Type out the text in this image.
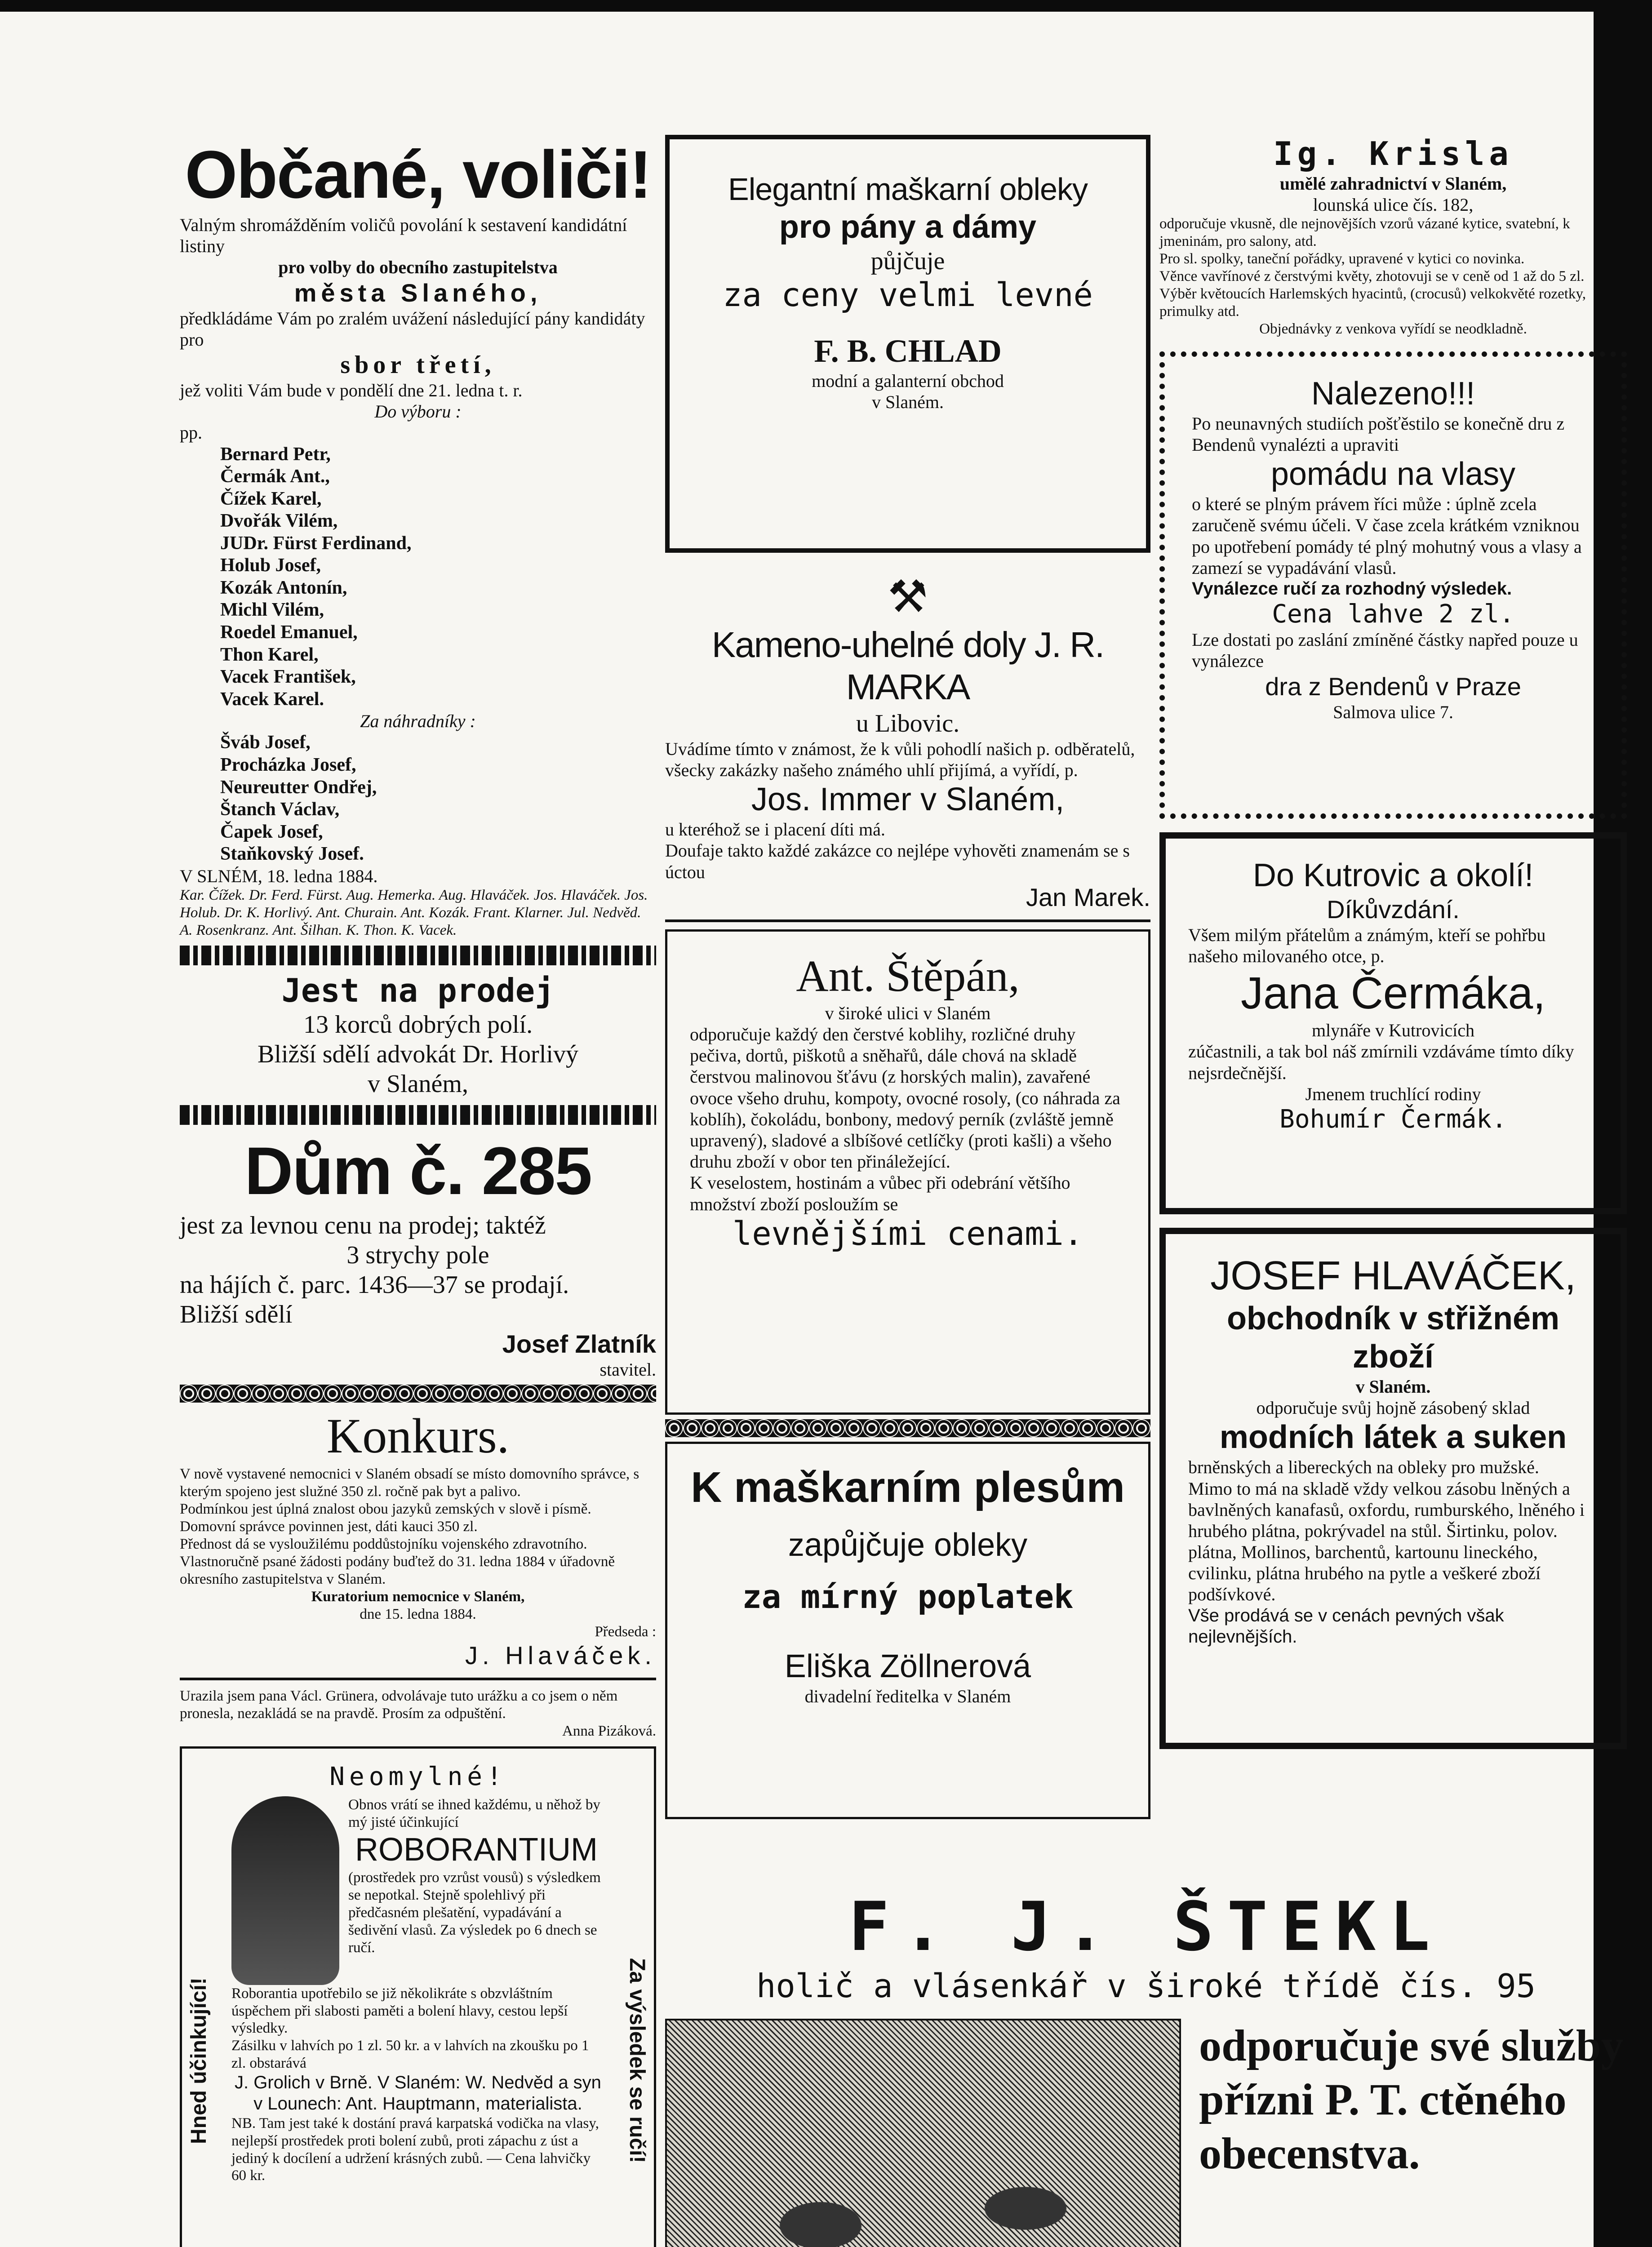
Občané, voliči!
Valným shromážděním voličů povolání k sestavení kandidátní listiny
pro volby do obecního zastupitelstva
města Slaného,
předkládáme Vám po zralém uvážení následující pány kandidáty pro
sbor třetí,
jež voliti Vám bude v pondělí dne 21. ledna t. r.
Do výboru :
pp.
Bernard Petr,
Čermák Ant.,
Čížek Karel,
Dvořák Vilém,
JUDr. Fürst Ferdinand,
Holub Josef,
Kozák Antonín,
Michl Vilém,
Roedel Emanuel,
Thon Karel,
Vacek František,
Vacek Karel.
Za náhradníky :
Šváb Josef,
Procházka Josef,
Neureutter Ondřej,
Štanch Václav,
Čapek Josef,
Staňkovský Josef.
V SLNÉM, 18. ledna 1884.
Kar. Čížek. Dr. Ferd. Fürst. Aug. Hemerka. Aug. Hlaváček. Jos. Hlaváček. Jos. Holub. Dr. K. Horlivý. Ant. Churain. Ant. Kozák. Frant. Klarner. Jul. Nedvěd. A. Rosenkranz. Ant. Šilhan. K. Thon. K. Vacek.
Jest na prodej
13 korců dobrých polí.
Bližší sdělí advokát Dr. Horlivý
v Slaném,
Dům č. 285
jest za levnou cenu na prodej; taktéž
3 strychy pole
na hájích č. parc. 1436—37 se prodají.
Bližší sdělí
Josef Zlatník
stavitel.
Konkurs.
V nově vystavené nemocnici v Slaném obsadí se místo domovního správce, s kterým spojeno jest služné 350 zl. ročně pak byt a palivo.
Podmínkou jest úplná znalost obou jazyků zemských v slově i písmě.
Domovní správce povinnen jest, dáti kauci 350 zl.
Přednost dá se vysloužilému poddůstojníku vojenského zdravotního.
Vlastnoručně psané žádosti podány buďtež do 31. ledna 1884 v úřadovně okresního zastupitelstva v Slaném.
Kuratorium nemocnice v Slaném,
dne 15. ledna 1884.
Předseda :
J. Hlaváček.
Urazila jsem pana Václ. Grünera, odvolávaje tuto urážku a co jsem o něm pronesla, nezakládá se na pravdě. Prosím za odpuštění.
Anna Pizáková.
Hned účinkující!	Za výsledek se ručí!
Neomylné!
Obnos vrátí se ihned každému, u něhož by mý jisté účinkující
ROBORANTIUM
(prostředek pro vzrůst vousů) s výsledkem se nepotkal. Stejně spolehlivý při předčasném plešatění, vypadávání a šedivění vlasů. Za výsledek po 6 dnech se ručí.
Roborantia upotřebilo se již několikráte s obzvláštním úspěchem při slabosti paměti a bolení hlavy, cestou lepší výsledky.
Zásilku v lahvích po 1 zl. 50 kr. a v lahvích na zkoušku po 1 zl. obstarává
J. Grolich v Brně. V Slaném: W. Nedvěd a syn v Lounech: Ant. Hauptmann, materialista.
NB. Tam jest také k dostání pravá karpatská vodička na vlasy, nejlepší prostředek proti bolení zubů, proti zápachu z úst a jediný k docílení a udržení krásných zubů. — Cena lahvičky 60 kr.
Elegantní maškarní obleky
pro pány a dámy
půjčuje
za ceny velmi levné
F. B. CHLAD
modní a galanterní obchod
v Slaném.
⚒
Kameno-uhelné doly J. R. MARKA
u Libovic.
Uvádíme tímto v známost, že k vůli pohodlí našich p. odběratelů, všecky zakázky našeho známého uhlí přijímá, a vyřídí, p.
Jos. Immer v Slaném,
u kteréhož se i placení díti má.
Doufaje takto každé zakázce co nejlépe vyhověti znamenám se s úctou
Jan Marek.
Ant. Štěpán,
v široké ulici v Slaném
odporučuje každý den čerstvé koblihy, rozličné druhy pečiva, dortů, piškotů a sněhařů, dále chová na skladě čerstvou malinovou šťávu (z horských malin), zavařené ovoce všeho druhu, kompoty, ovocné rosoly, (co náhrada za koblíh), čokoládu, bonbony, medový perník (zvláště jemně upravený), sladové a slbíšové cetlíčky (proti kašli) a všeho druhu zboží v obor ten přináležející.
K veselostem, hostinám a vůbec při odebrání většího množství zboží posloužím se
levnějšími cenami.
K maškarním plesům
zapůjčuje obleky
za mírný poplatek
Eliška Zöllnerová
divadelní ředitelka v Slaném
Ig. Krisla
umělé zahradnictví v Slaném,
lounská ulice čís. 182,
odporučuje vkusně, dle nejnovějších vzorů vázané kytice, svatební, k jmeninám, pro salony, atd.
Pro sl. spolky, taneční pořádky, upravené v kytici co novinka.
Věnce vavřínové z čerstvými květy, zhotovuji se v ceně od 1 až do 5 zl.
Výběr květoucích Harlemských hyacintů, (crocusů) velkokvěté rozetky, primulky atd.
Objednávky z venkova vyřídí se neodkladně.
Nalezeno!!!
Po neunavných studiích pošťěstilo se konečně dru z Bendenů vynalézti a upraviti
pomádu na vlasy
o které se plným právem říci může : úplně zcela zaručeně svému účeli. V čase zcela krátkém vzniknou po upotřebení pomády té plný mohutný vous a vlasy a zamezí se vypadávání vlasů.
Vynálezce ručí za rozhodný výsledek.
Cena lahve 2 zl.
Lze dostati po zaslání zmíněné částky napřed pouze u vynálezce
dra z Bendenů v Praze
Salmova ulice 7.
Do Kutrovic a okolí!
Díkůvzdání.
Všem milým přátelům a známým, kteří se pohřbu našeho milovaného otce, p.
Jana Čermáka,
mlynáře v Kutrovicích
zúčastnili, a tak bol náš zmírnili vzdáváme tímto díky nejsrdečnější.
Jmenem truchlící rodiny
Bohumír Čermák.
JOSEF HLAVÁČEK,
obchodník v střižném zboží
v Slaném.
odporučuje svůj hojně zásobený sklad
modních látek a suken
brněnských a libereckých na obleky pro mužské.
Mimo to má na skladě vždy velkou zásobu lněných a bavlněných kanafasů, oxfordu, rumburského, lněného i hrubého plátna, pokrývadel na stůl. Širtinku, polov. plátna, Mollinos, barchentů, kartounu lineckého, cvilinku, plátna hrubého na pytle a veškeré zboží podšívkové.
Vše prodává se v cenách pevných však nejlevnějších.
F. J. ŠTEKL
holič a vlásenkář v široké třídě čís. 95
odporučuje své služby přízni P. T. ctěného obecenstva.
